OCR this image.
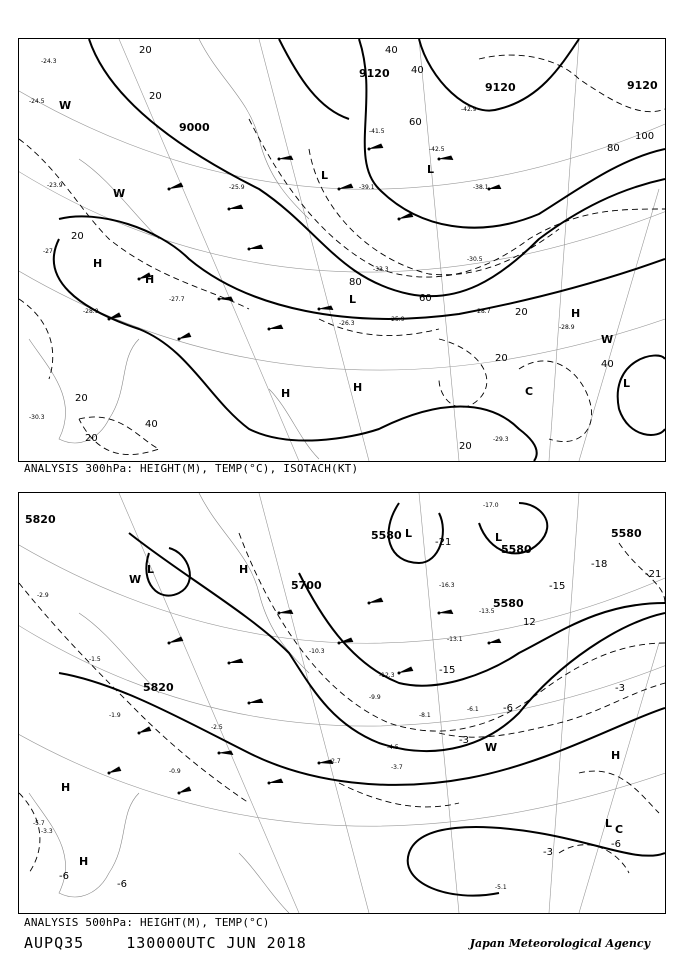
9120
9120	9120
9000
20
20
40
40
60
60
80
80
100
20
20
40
20
20
40
20
20
H
H
H	H
H
L
L
L
L
C
W
W
W
-24.3
-24.5
-23.9	-25.9
-27
-28.9
-30.3
-42.5
-41.5
-42.9
-38.1
-33.3
-30.5
-28.7
-28.9
-29.3
-26.3
-25.9
-27.7
-39.1
ANALYSIS 300hPa: HEIGHT(M), TEMP(°C), ISOTACH(KT)
5820
5820
5700
5580
5580
5580
5580
-21
-21
-18
-15
-15
12
-3
-3
-6
-6
-6
-3
-6
H
H
H
H
L
L	L
L C
W
W
-2.9
-1.5
-3.3
-2.5
-10.3
-13.5
-9.9
-8.1
-12.3
-16.3
-17.0
-13.1
-5.1
-2.7
-4.5
-3.7
-1.9
-0.9
-5.7
-6.1
ANALYSIS 500hPa: HEIGHT(M), TEMP(°C)
AUPQ35	130000UTC JUN 2018	Japan Meteorological Agency
